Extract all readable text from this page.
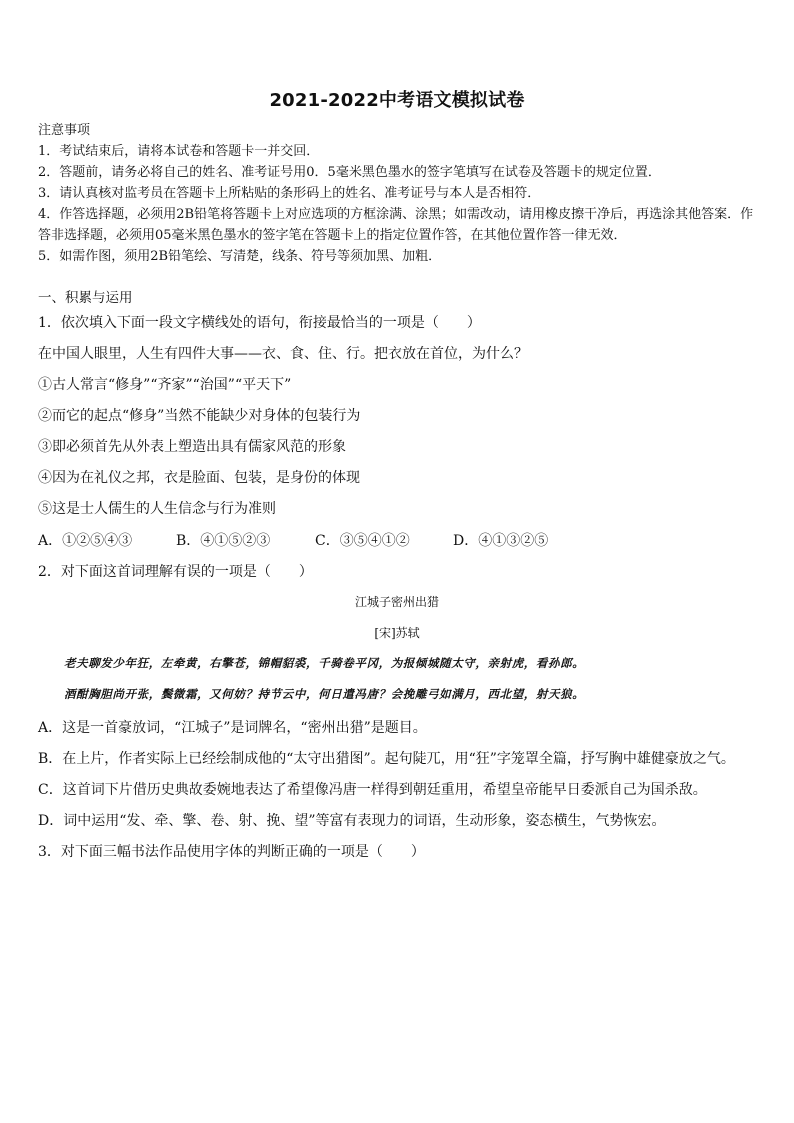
2021-2022中考语文模拟试卷
注意事项
1．考试结束后，请将本试卷和答题卡一并交回．
2．答题前，请务必将自己的姓名、准考证号用0．5毫米黑色墨水的签字笔填写在试卷及答题卡的规定位置．
3．请认真核对监考员在答题卡上所粘贴的条形码上的姓名、准考证号与本人是否相符．
4．作答选择题，必须用2B铅笔将答题卡上对应选项的方框涂满、涂黑；如需改动，请用橡皮擦干净后，再选涂其他答案．作答非选择题，必须用05毫米黑色墨水的签字笔在答题卡上的指定位置作答，在其他位置作答一律无效．
5．如需作图，须用2B铅笔绘、写清楚，线条、符号等须加黑、加粗．
一、积累与运用
1．依次填入下面一段文字横线处的语句，衔接最恰当的一项是（　　）
在中国人眼里，人生有四件大事——衣、食、住、行。把衣放在首位，为什么？
①古人常言“修身”“齐家”“治国”“平天下”
②而它的起点“修身”当然不能缺少对身体的包装行为
③即必须首先从外表上塑造出具有儒家风范的形象
④因为在礼仪之邦，衣是脸面、包装，是身份的体现
⑤这是士人儒生的人生信念与行为准则
A．①②⑤④③	B．④①⑤②③	C．③⑤④①②	D．④①③②⑤
2．对下面这首词理解有误的一项是（　　）
江城子密州出猎
[宋]苏轼
老夫聊发少年狂，左牵黄，右擎苍，锦帽貂裘，千骑卷平冈，为报倾城随太守，亲射虎，看孙郎。
酒酣胸胆尚开张，鬓微霜，又何妨？持节云中，何日遣冯唐？会挽雕弓如满月，西北望，射天狼。
A．这是一首豪放词，“江城子”是词牌名，“密州出猎”是题目。
B．在上片，作者实际上已经绘制成他的“太守出猎图”。起句陡兀，用“狂”字笼罩全篇，抒写胸中雄健豪放之气。
C．这首词下片借历史典故委婉地表达了希望像冯唐一样得到朝廷重用，希望皇帝能早日委派自己为国杀敌。
D．词中运用“发、牵、擎、卷、射、挽、望”等富有表现力的词语，生动形象，姿态横生，气势恢宏。
3．对下面三幅书法作品使用字体的判断正确的一项是（　　）
